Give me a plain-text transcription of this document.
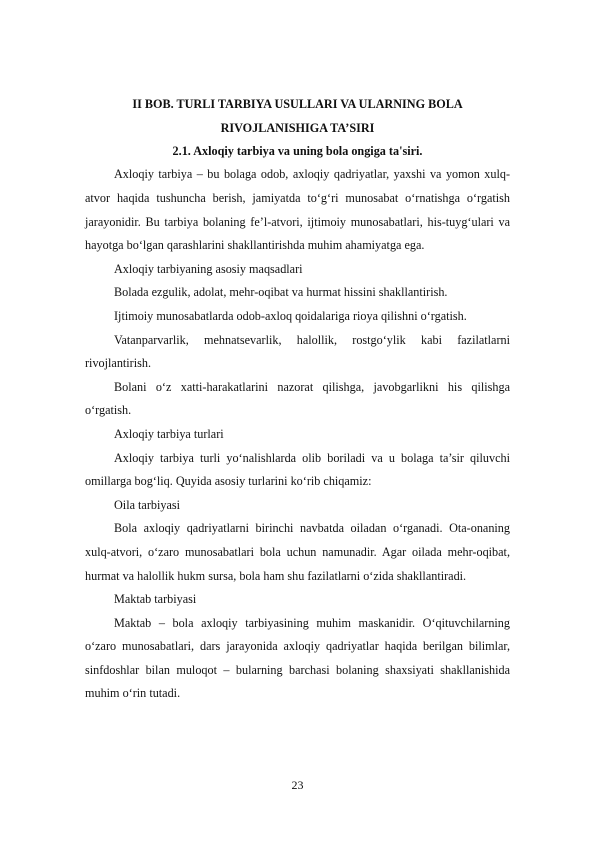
II BOB. TURLI TARBIYA USULLARI VA ULARNING BOLA

RIVOJLANISHIGA TA’SIRI

2.1. Axloqiy tarbiya va uning bola ongiga ta'siri.

Axloqiy tarbiya – bu bolaga odob, axloqiy qadriyatlar, yaxshi va yomon xulq-atvor haqida tushuncha berish, jamiyatda to‘g‘ri munosabat o‘rnatishga o‘rgatish jarayonidir. Bu tarbiya bolaning fe’l-atvori, ijtimoiy munosabatlari, his-tuyg‘ulari va hayotga bo‘lgan qarashlarini shakllantirishda muhim ahamiyatga ega.

Axloqiy tarbiyaning asosiy maqsadlari

Bolada ezgulik, adolat, mehr-oqibat va hurmat hissini shakllantirish.

Ijtimoiy munosabatlarda odob-axloq qoidalariga rioya qilishni o‘rgatish.

Vatanparvarlik, mehnatsevarlik, halollik, rostgo‘ylik kabi fazilatlarni rivojlantirish.

Bolani o‘z xatti-harakatlarini nazorat qilishga, javobgarlikni his qilishga o‘rgatish.

Axloqiy tarbiya turlari

Axloqiy tarbiya turli yo‘nalishlarda olib boriladi va u bolaga ta’sir qiluvchi omillarga bog‘liq. Quyida asosiy turlarini ko‘rib chiqamiz:

Oila tarbiyasi

Bola axloqiy qadriyatlarni birinchi navbatda oiladan o‘rganadi. Ota-onaning xulq-atvori, o‘zaro munosabatlari bola uchun namunadir. Agar oilada mehr-oqibat, hurmat va halollik hukm sursa, bola ham shu fazilatlarni o‘zida shakllantiradi.

Maktab tarbiyasi

Maktab – bola axloqiy tarbiyasining muhim maskanidir. O‘qituvchilarning o‘zaro munosabatlari, dars jarayonida axloqiy qadriyatlar haqida berilgan bilimlar, sinfdoshlar bilan muloqot – bularning barchasi bolaning shaxsiyati shakllanishida muhim o‘rin tutadi.

23
